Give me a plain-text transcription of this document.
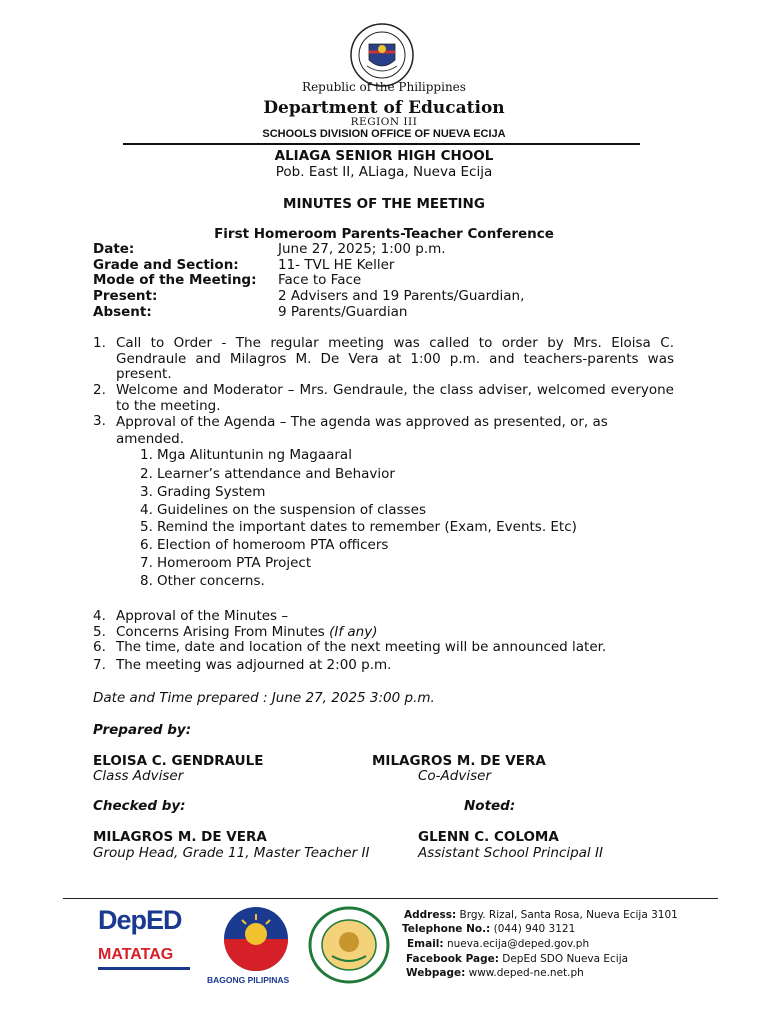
Republic of the Philippines
Department of Education
REGION III
SCHOOLS DIVISION OFFICE OF NUEVA ECIJA
ALIAGA SENIOR HIGH CHOOL
Pob. East II, ALiaga, Nueva Ecija
MINUTES OF THE MEETING
First Homeroom Parents-Teacher Conference
Date:	June 27, 2025; 1:00 p.m.
Grade and Section:	11- TVL HE Keller
Mode of the Meeting: Face to Face
Present:	2 Advisers and 19 Parents/Guardian,
Absent:	9 Parents/Guardian
1. Call to Order - The regular meeting was called to order by Mrs. Eloisa C. Gendraule and Milagros M. De Vera at 1:00 p.m. and teachers-parents was present.
2. Welcome and Moderator – Mrs. Gendraule, the class adviser, welcomed everyone to the meeting.
3. Approval of the Agenda – The agenda was approved as presented, or, as amended.
1. Mga Alituntunin ng Magaaral
2. Learner’s attendance and Behavior
3. Grading System
4. Guidelines on the suspension of classes
5. Remind the important dates to remember (Exam, Events. Etc)
6. Election of homeroom PTA officers
7. Homeroom PTA Project
8. Other concerns.
4. Approval of the Minutes –
5. Concerns Arising From Minutes (If any)
6. The time, date and location of the next meeting will be announced later.
7. The meeting was adjourned at 2:00 p.m.
Date and Time prepared : June 27, 2025 3:00 p.m.
Prepared by:
ELOISA C. GENDRAULE
Class Adviser
MILAGROS M. DE VERA
Co-Adviser
Checked by:	Noted:
MILAGROS M. DE VERA
Group Head, Grade 11, Master Teacher II
GLENN C. COLOMA
Assistant School Principal II
DepED
MATATAG
BAGONG PILIPINAS
Address: Brgy. Rizal, Santa Rosa, Nueva Ecija 3101
Telephone No.: (044) 940 3121
Email: nueva.ecija@deped.gov.ph
Facebook Page: DepEd SDO Nueva Ecija
Webpage: www.deped-ne.net.ph
